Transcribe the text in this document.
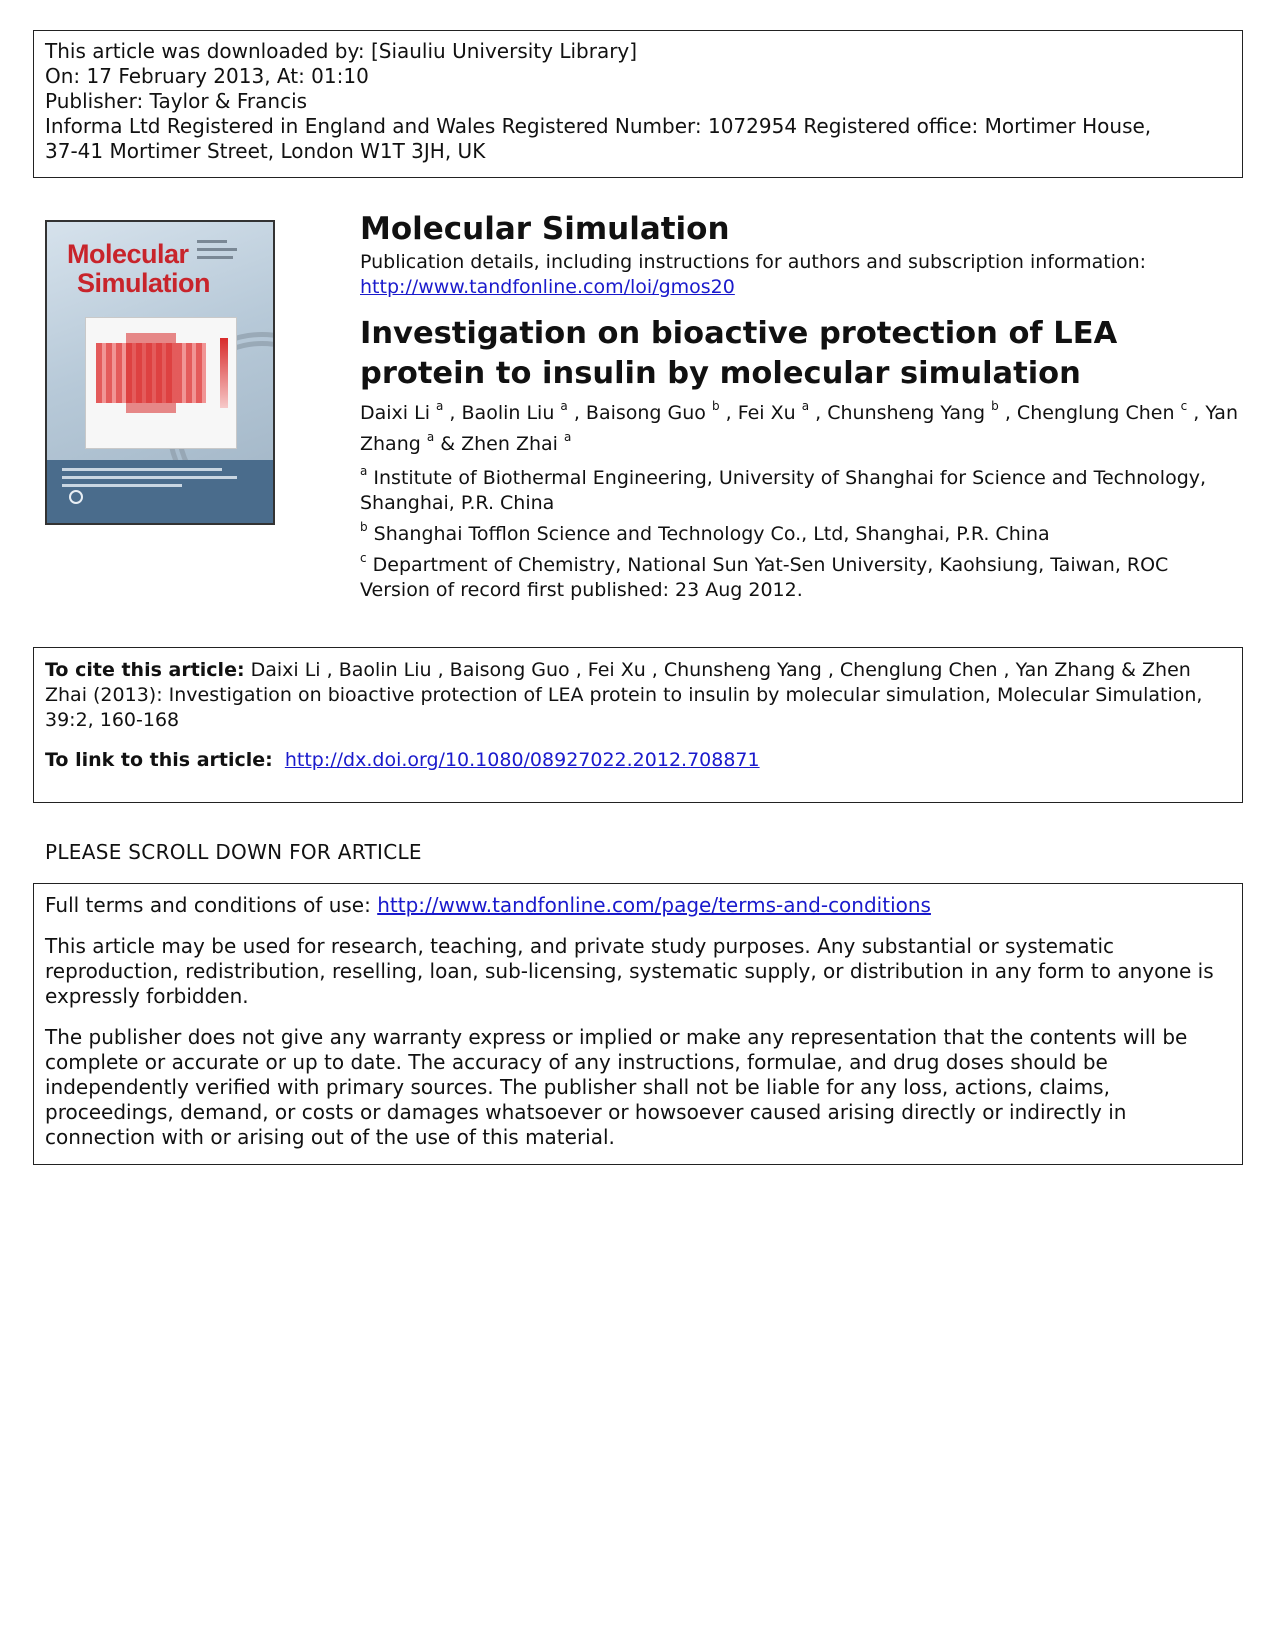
This article was downloaded by: [Siauliu University Library]
On: 17 February 2013, At: 01:10
Publisher: Taylor & Francis
Informa Ltd Registered in England and Wales Registered Number: 1072954 Registered office: Mortimer House,
37-41 Mortimer Street, London W1T 3JH, UK
Molecular
Simulation
Molecular Simulation
Publication details, including instructions for authors and subscription information:
http://www.tandfonline.com/loi/gmos20
Investigation on bioactive protection of LEA protein to insulin by molecular simulation
Daixi Li $^a$ , Baolin Liu $^a$ , Baisong Guo $^b$ , Fei Xu $^a$ , Chunsheng Yang $^b$ , Chenglung Chen $^c$ , Yan Zhang $^a$ & Zhen Zhai $^a$
$^a$ Institute of Biothermal Engineering, University of Shanghai for Science and Technology, Shanghai, P.R. China
$^b$ Shanghai Tofflon Science and Technology Co., Ltd, Shanghai, P.R. China
$^c$ Department of Chemistry, National Sun Yat-Sen University, Kaohsiung, Taiwan, ROC
Version of record first published: 23 Aug 2012.
To cite this article: Daixi Li , Baolin Liu , Baisong Guo , Fei Xu , Chunsheng Yang , Chenglung Chen , Yan Zhang & Zhen Zhai (2013): Investigation on bioactive protection of LEA protein to insulin by molecular simulation, Molecular Simulation, 39:2, 160-168
To link to this article: http://dx.doi.org/10.1080/08927022.2012.708871
PLEASE SCROLL DOWN FOR ARTICLE

Full terms and conditions of use: http://www.tandfonline.com/page/terms-and-conditions

This article may be used for research, teaching, and private study purposes. Any substantial or systematic reproduction, redistribution, reselling, loan, sub-licensing, systematic supply, or distribution in any form to anyone is expressly forbidden.

The publisher does not give any warranty express or implied or make any representation that the contents will be complete or accurate or up to date. The accuracy of any instructions, formulae, and drug doses should be independently verified with primary sources. The publisher shall not be liable for any loss, actions, claims, proceedings, demand, or costs or damages whatsoever or howsoever caused arising directly or indirectly in connection with or arising out of the use of this material.
